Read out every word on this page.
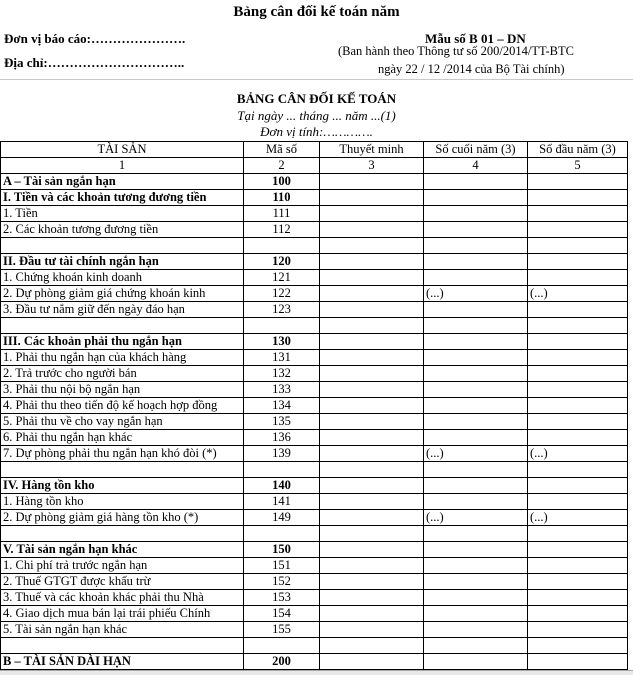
Bảng cân đối kế toán năm
Đơn vị báo cáo:………………….
Địa chỉ:…………………………..
Mẫu số B 01 – DN
(Ban hành theo Thông tư số 200/2014/TT-BTC
ngày 22 / 12 /2014 của Bộ Tài chính)
BẢNG CÂN ĐỐI KẾ TOÁN
Tại ngày ... tháng ... năm ...(1)
Đơn vị tính:………….
TÀI SẢN	Mã số	Thuyết minh	Số cuối năm (3)	Số đầu năm (3)
1	2	3	4	5
A – Tài sản ngắn hạn	100			
I. Tiền và các khoản tương đương tiền	110			
1. Tiền	111			
2. Các khoản tương đương tiền	112			

II. Đầu tư tài chính ngắn hạn	120			
1. Chứng khoán kinh doanh	121			
2. Dự phòng giảm giá chứng khoán kinh	122		(...)	(...)
3. Đầu tư nắm giữ đến ngày đáo hạn	123			

III. Các khoản phải thu ngắn hạn	130			
1. Phải thu ngắn hạn của khách hàng	131			
2. Trả trước cho người bán	132			
3. Phải thu nội bộ ngắn hạn	133			
4. Phải thu theo tiến độ kế hoạch hợp đồng	134			
5. Phải thu về cho vay ngắn hạn	135			
6. Phải thu ngắn hạn khác	136			
7. Dự phòng phải thu ngắn hạn khó đòi (*)	139		(...)	(...)

IV. Hàng tồn kho	140			
1. Hàng tồn kho	141			
2. Dự phòng giảm giá hàng tồn kho (*)	149		(...)	(...)

V. Tài sản ngắn hạn khác	150			
1. Chi phí trả trước ngắn hạn	151			
2. Thuế GTGT được khấu trừ	152			
3. Thuế và các khoản khác phải thu Nhà	153			
4. Giao dịch mua bán lại trái phiếu Chính	154			
5. Tài sản ngắn hạn khác	155			

B – TÀI SẢN DÀI HẠN	200			
